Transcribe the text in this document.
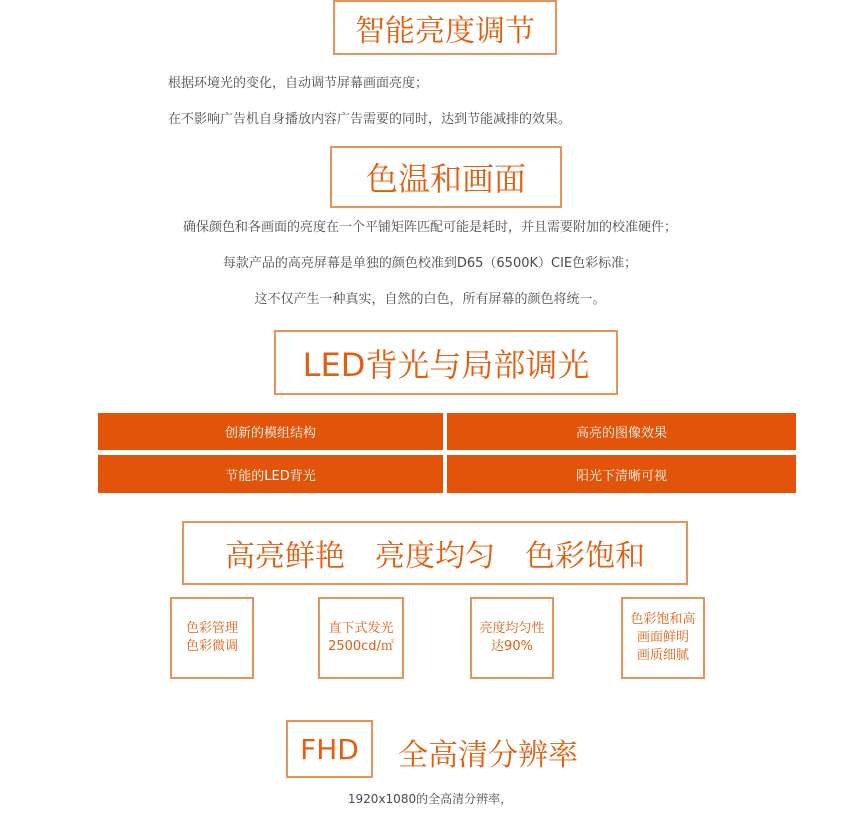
智能亮度调节
根据环境光的变化，自动调节屏幕画面亮度；
在不影响广告机自身播放内容广告需要的同时，达到节能减排的效果。
色温和画面
确保颜色和各画面的亮度在一个平铺矩阵匹配可能是耗时，并且需要附加的校准硬件；
每款产品的高亮屏幕是单独的颜色校准到D65（6500K）CIE色彩标准；
这不仅产生一种真实，自然的白色，所有屏幕的颜色将统一。
LED背光与局部调光
创新的模组结构	高亮的图像效果
节能的LED背光	阳光下清晰可视
高亮鲜艳　亮度均匀　色彩饱和
色彩管理
色彩微调
直下式发光
2500cd/㎡
亮度均匀性
达90%
色彩饱和高
画面鲜明
画质细腻
FHD	全高清分辨率
1920x1080的全高清分辨率，
